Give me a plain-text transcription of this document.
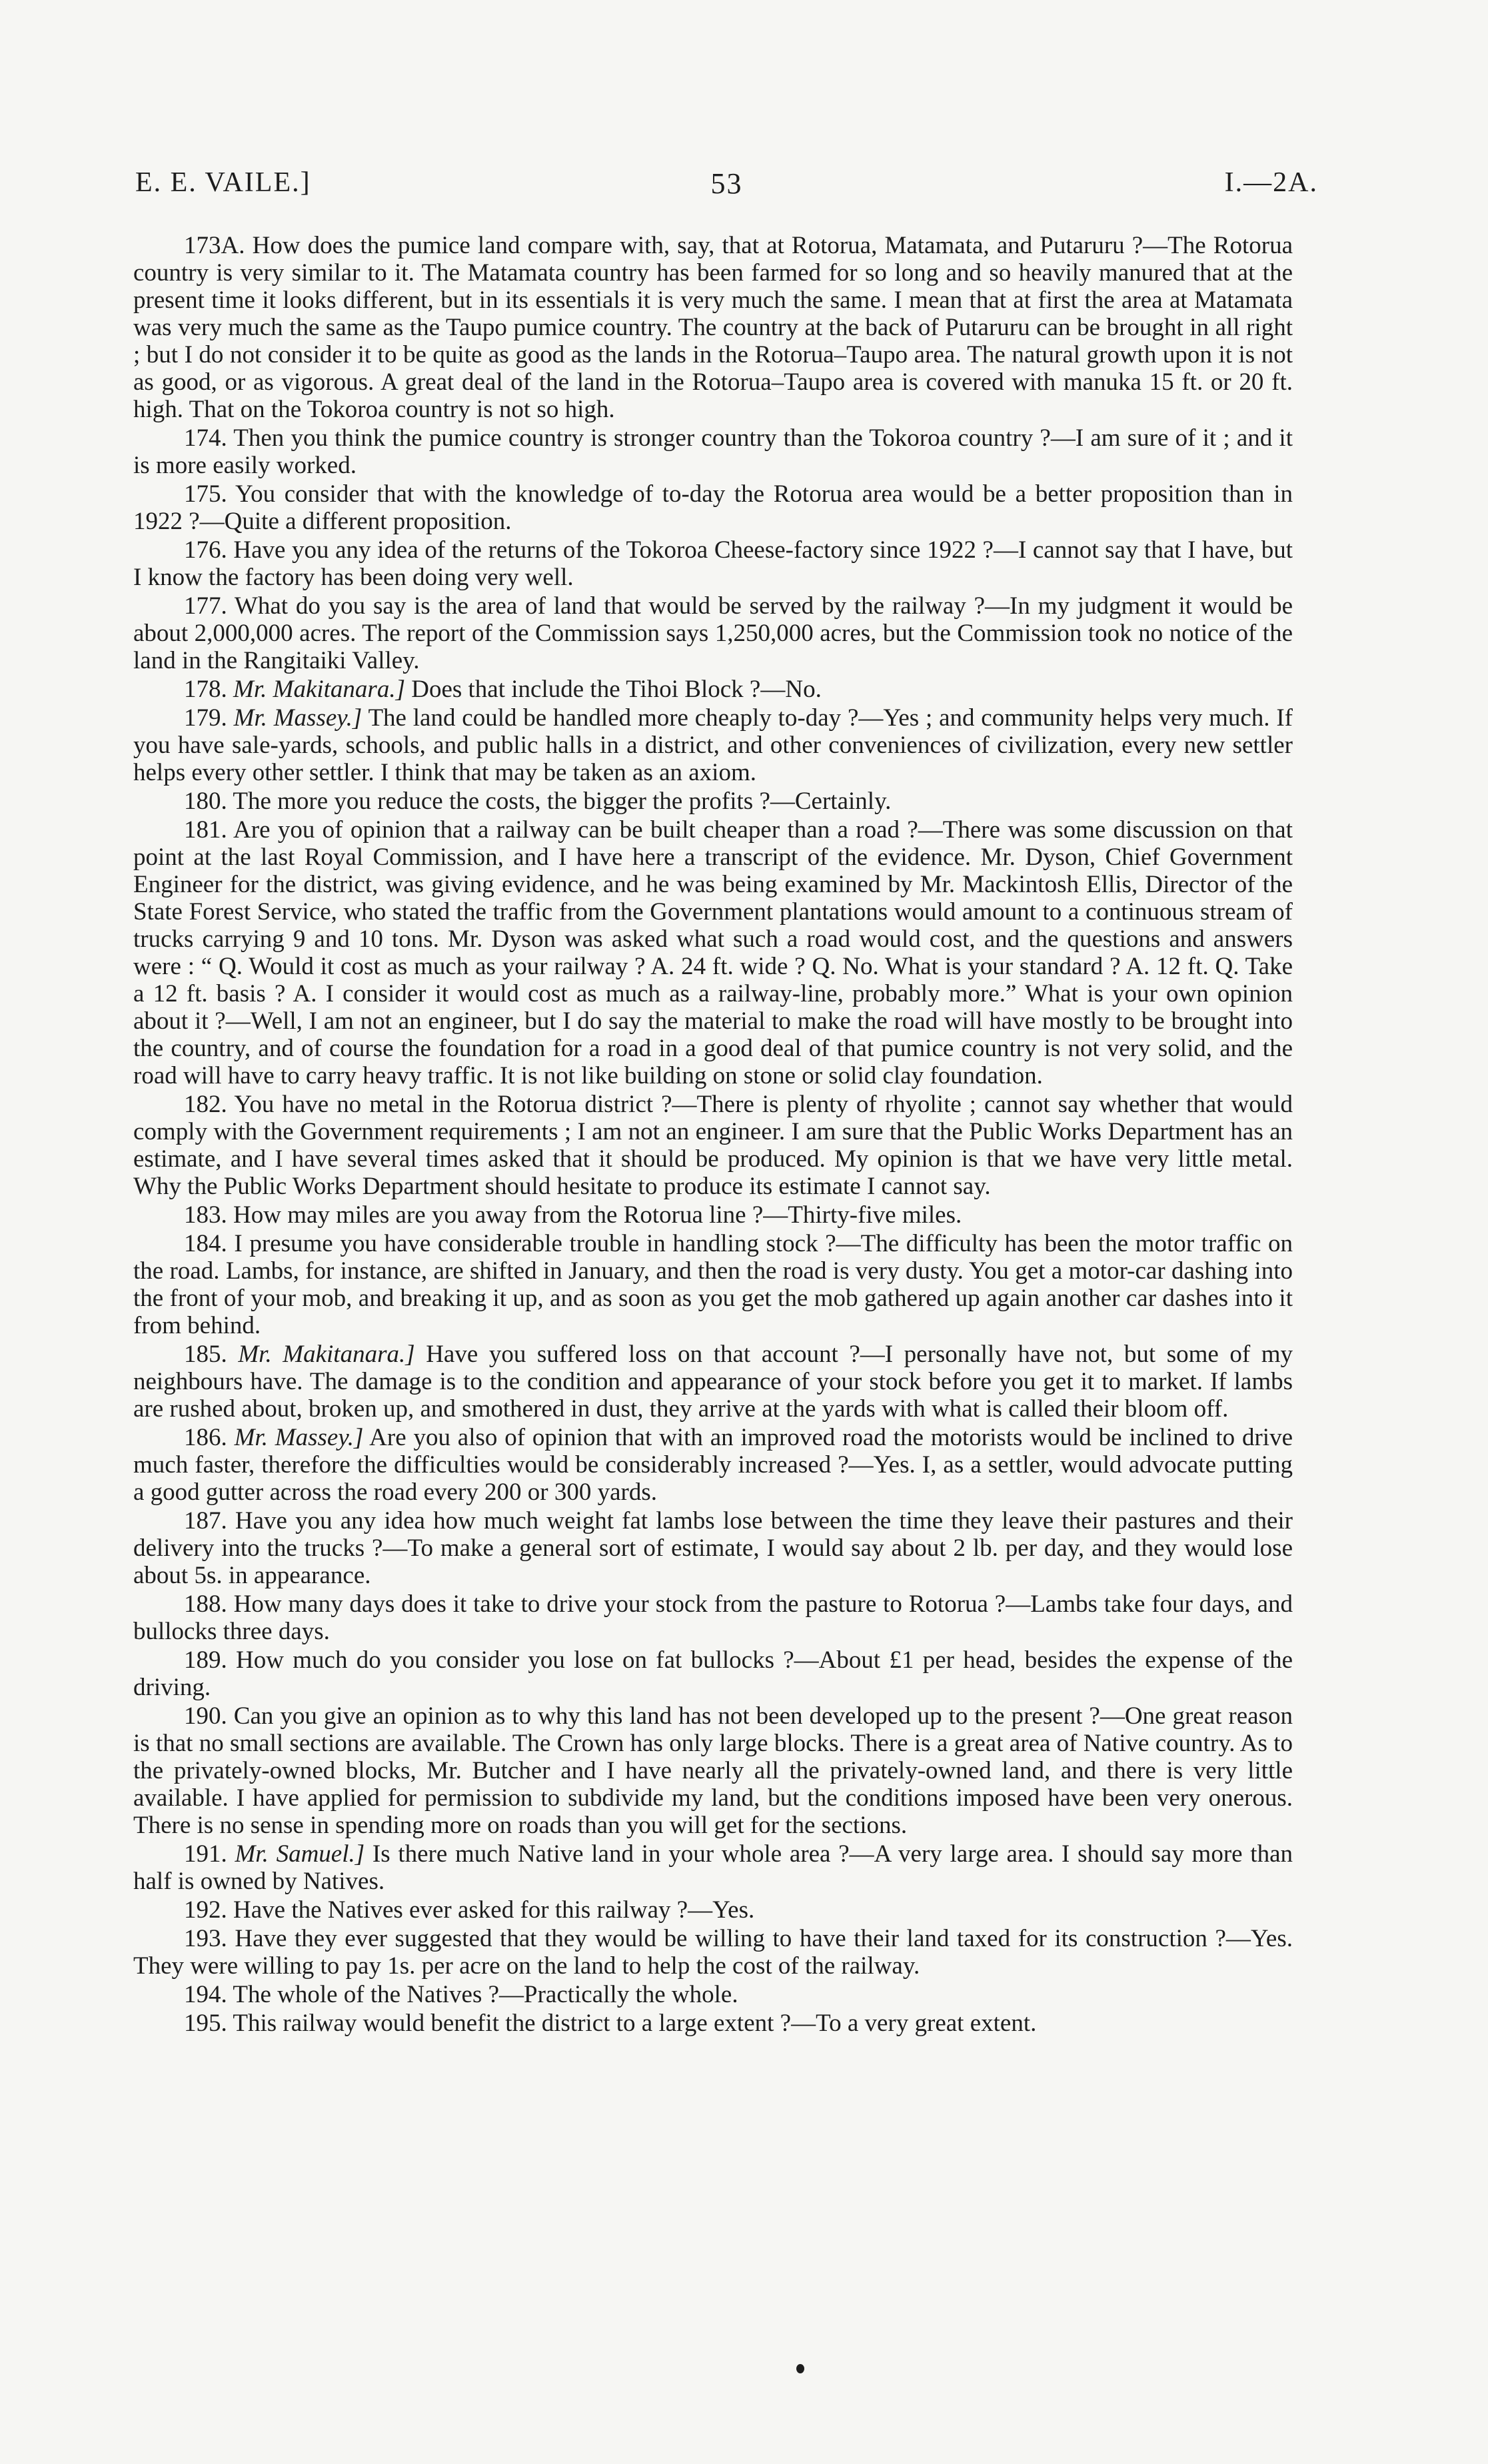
E. E. VAILE.]	53	I.—2A.

173A. How does the pumice land compare with, say, that at Rotorua, Matamata, and Putaruru ?—The Rotorua country is very similar to it. The Matamata country has been farmed for so long and so heavily manured that at the present time it looks different, but in its essentials it is very much the same. I mean that at first the area at Matamata was very much the same as the Taupo pumice country. The country at the back of Putaruru can be brought in all right ; but I do not consider it to be quite as good as the lands in the Rotorua–Taupo area. The natural growth upon it is not as good, or as vigorous. A great deal of the land in the Rotorua–Taupo area is covered with manuka 15 ft. or 20 ft. high. That on the Tokoroa country is not so high.

174. Then you think the pumice country is stronger country than the Tokoroa country ?—I am sure of it ; and it is more easily worked.

175. You consider that with the knowledge of to-day the Rotorua area would be a better proposition than in 1922 ?—Quite a different proposition.

176. Have you any idea of the returns of the Tokoroa Cheese-factory since 1922 ?—I cannot say that I have, but I know the factory has been doing very well.

177. What do you say is the area of land that would be served by the railway ?—In my judgment it would be about 2,000,000 acres. The report of the Commission says 1,250,000 acres, but the Commission took no notice of the land in the Rangitaiki Valley.

178. Mr. Makitanara.] Does that include the Tihoi Block ?—No.

179. Mr. Massey.] The land could be handled more cheaply to-day ?—Yes ; and community helps very much. If you have sale-yards, schools, and public halls in a district, and other conveniences of civilization, every new settler helps every other settler. I think that may be taken as an axiom.

180. The more you reduce the costs, the bigger the profits ?—Certainly.

181. Are you of opinion that a railway can be built cheaper than a road ?—There was some discussion on that point at the last Royal Commission, and I have here a transcript of the evidence. Mr. Dyson, Chief Government Engineer for the district, was giving evidence, and he was being examined by Mr. Mackintosh Ellis, Director of the State Forest Service, who stated the traffic from the Government plantations would amount to a continuous stream of trucks carrying 9 and 10 tons. Mr. Dyson was asked what such a road would cost, and the questions and answers were : “ Q. Would it cost as much as your railway ? A. 24 ft. wide ? Q. No. What is your standard ? A. 12 ft. Q. Take a 12 ft. basis ? A. I consider it would cost as much as a railway-line, probably more.” What is your own opinion about it ?—Well, I am not an engineer, but I do say the material to make the road will have mostly to be brought into the country, and of course the foundation for a road in a good deal of that pumice country is not very solid, and the road will have to carry heavy traffic. It is not like building on stone or solid clay foundation.

182. You have no metal in the Rotorua district ?—There is plenty of rhyolite ; cannot say whether that would comply with the Government requirements ; I am not an engineer. I am sure that the Public Works Department has an estimate, and I have several times asked that it should be produced. My opinion is that we have very little metal. Why the Public Works Department should hesitate to produce its estimate I cannot say.

183. How may miles are you away from the Rotorua line ?—Thirty-five miles.

184. I presume you have considerable trouble in handling stock ?—The difficulty has been the motor traffic on the road. Lambs, for instance, are shifted in January, and then the road is very dusty. You get a motor-car dashing into the front of your mob, and breaking it up, and as soon as you get the mob gathered up again another car dashes into it from behind.

185. Mr. Makitanara.] Have you suffered loss on that account ?—I personally have not, but some of my neighbours have. The damage is to the condition and appearance of your stock before you get it to market. If lambs are rushed about, broken up, and smothered in dust, they arrive at the yards with what is called their bloom off.

186. Mr. Massey.] Are you also of opinion that with an improved road the motorists would be inclined to drive much faster, therefore the difficulties would be considerably increased ?—Yes. I, as a settler, would advocate putting a good gutter across the road every 200 or 300 yards.

187. Have you any idea how much weight fat lambs lose between the time they leave their pastures and their delivery into the trucks ?—To make a general sort of estimate, I would say about 2 lb. per day, and they would lose about 5s. in appearance.

188. How many days does it take to drive your stock from the pasture to Rotorua ?—Lambs take four days, and bullocks three days.

189. How much do you consider you lose on fat bullocks ?—About £1 per head, besides the expense of the driving.

190. Can you give an opinion as to why this land has not been developed up to the present ?—One great reason is that no small sections are available. The Crown has only large blocks. There is a great area of Native country. As to the privately-owned blocks, Mr. Butcher and I have nearly all the privately-owned land, and there is very little available. I have applied for permission to subdivide my land, but the conditions imposed have been very onerous. There is no sense in spending more on roads than you will get for the sections.

191. Mr. Samuel.] Is there much Native land in your whole area ?—A very large area. I should say more than half is owned by Natives.

192. Have the Natives ever asked for this railway ?—Yes.

193. Have they ever suggested that they would be willing to have their land taxed for its construction ?—Yes. They were willing to pay 1s. per acre on the land to help the cost of the railway.

194. The whole of the Natives ?—Practically the whole.

195. This railway would benefit the district to a large extent ?—To a very great extent.
